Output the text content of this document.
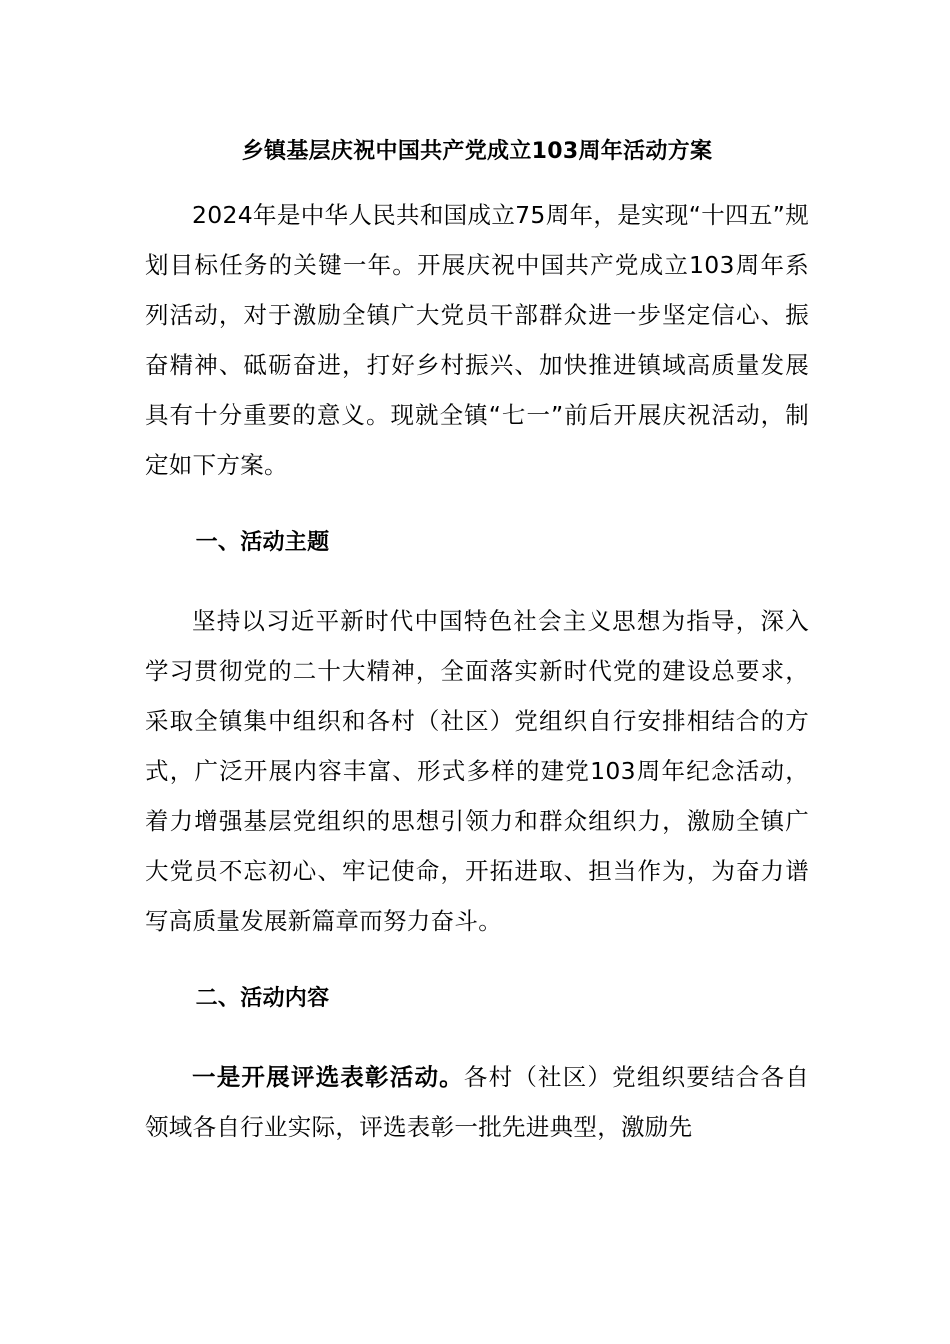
乡镇基层庆祝中国共产党成立103周年活动方案

2024年是中华人民共和国成立75周年，是实现“十四五”规划目标任务的关键一年。开展庆祝中国共产党成立103周年系列活动，对于激励全镇广大党员干部群众进一步坚定信心、振奋精神、砥砺奋进，打好乡村振兴、加快推进镇域高质量发展具有十分重要的意义。现就全镇“七一”前后开展庆祝活动，制定如下方案。

一、活动主题

坚持以习近平新时代中国特色社会主义思想为指导，深入学习贯彻党的二十大精神，全面落实新时代党的建设总要求，采取全镇集中组织和各村（社区）党组织自行安排相结合的方式，广泛开展内容丰富、形式多样的建党103周年纪念活动，着力增强基层党组织的思想引领力和群众组织力，激励全镇广大党员不忘初心、牢记使命，开拓进取、担当作为，为奋力谱写高质量发展新篇章而努力奋斗。

二、活动内容

一是开展评选表彰活动。各村（社区）党组织要结合各自领域各自行业实际，评选表彰一批先进典型，激励先
